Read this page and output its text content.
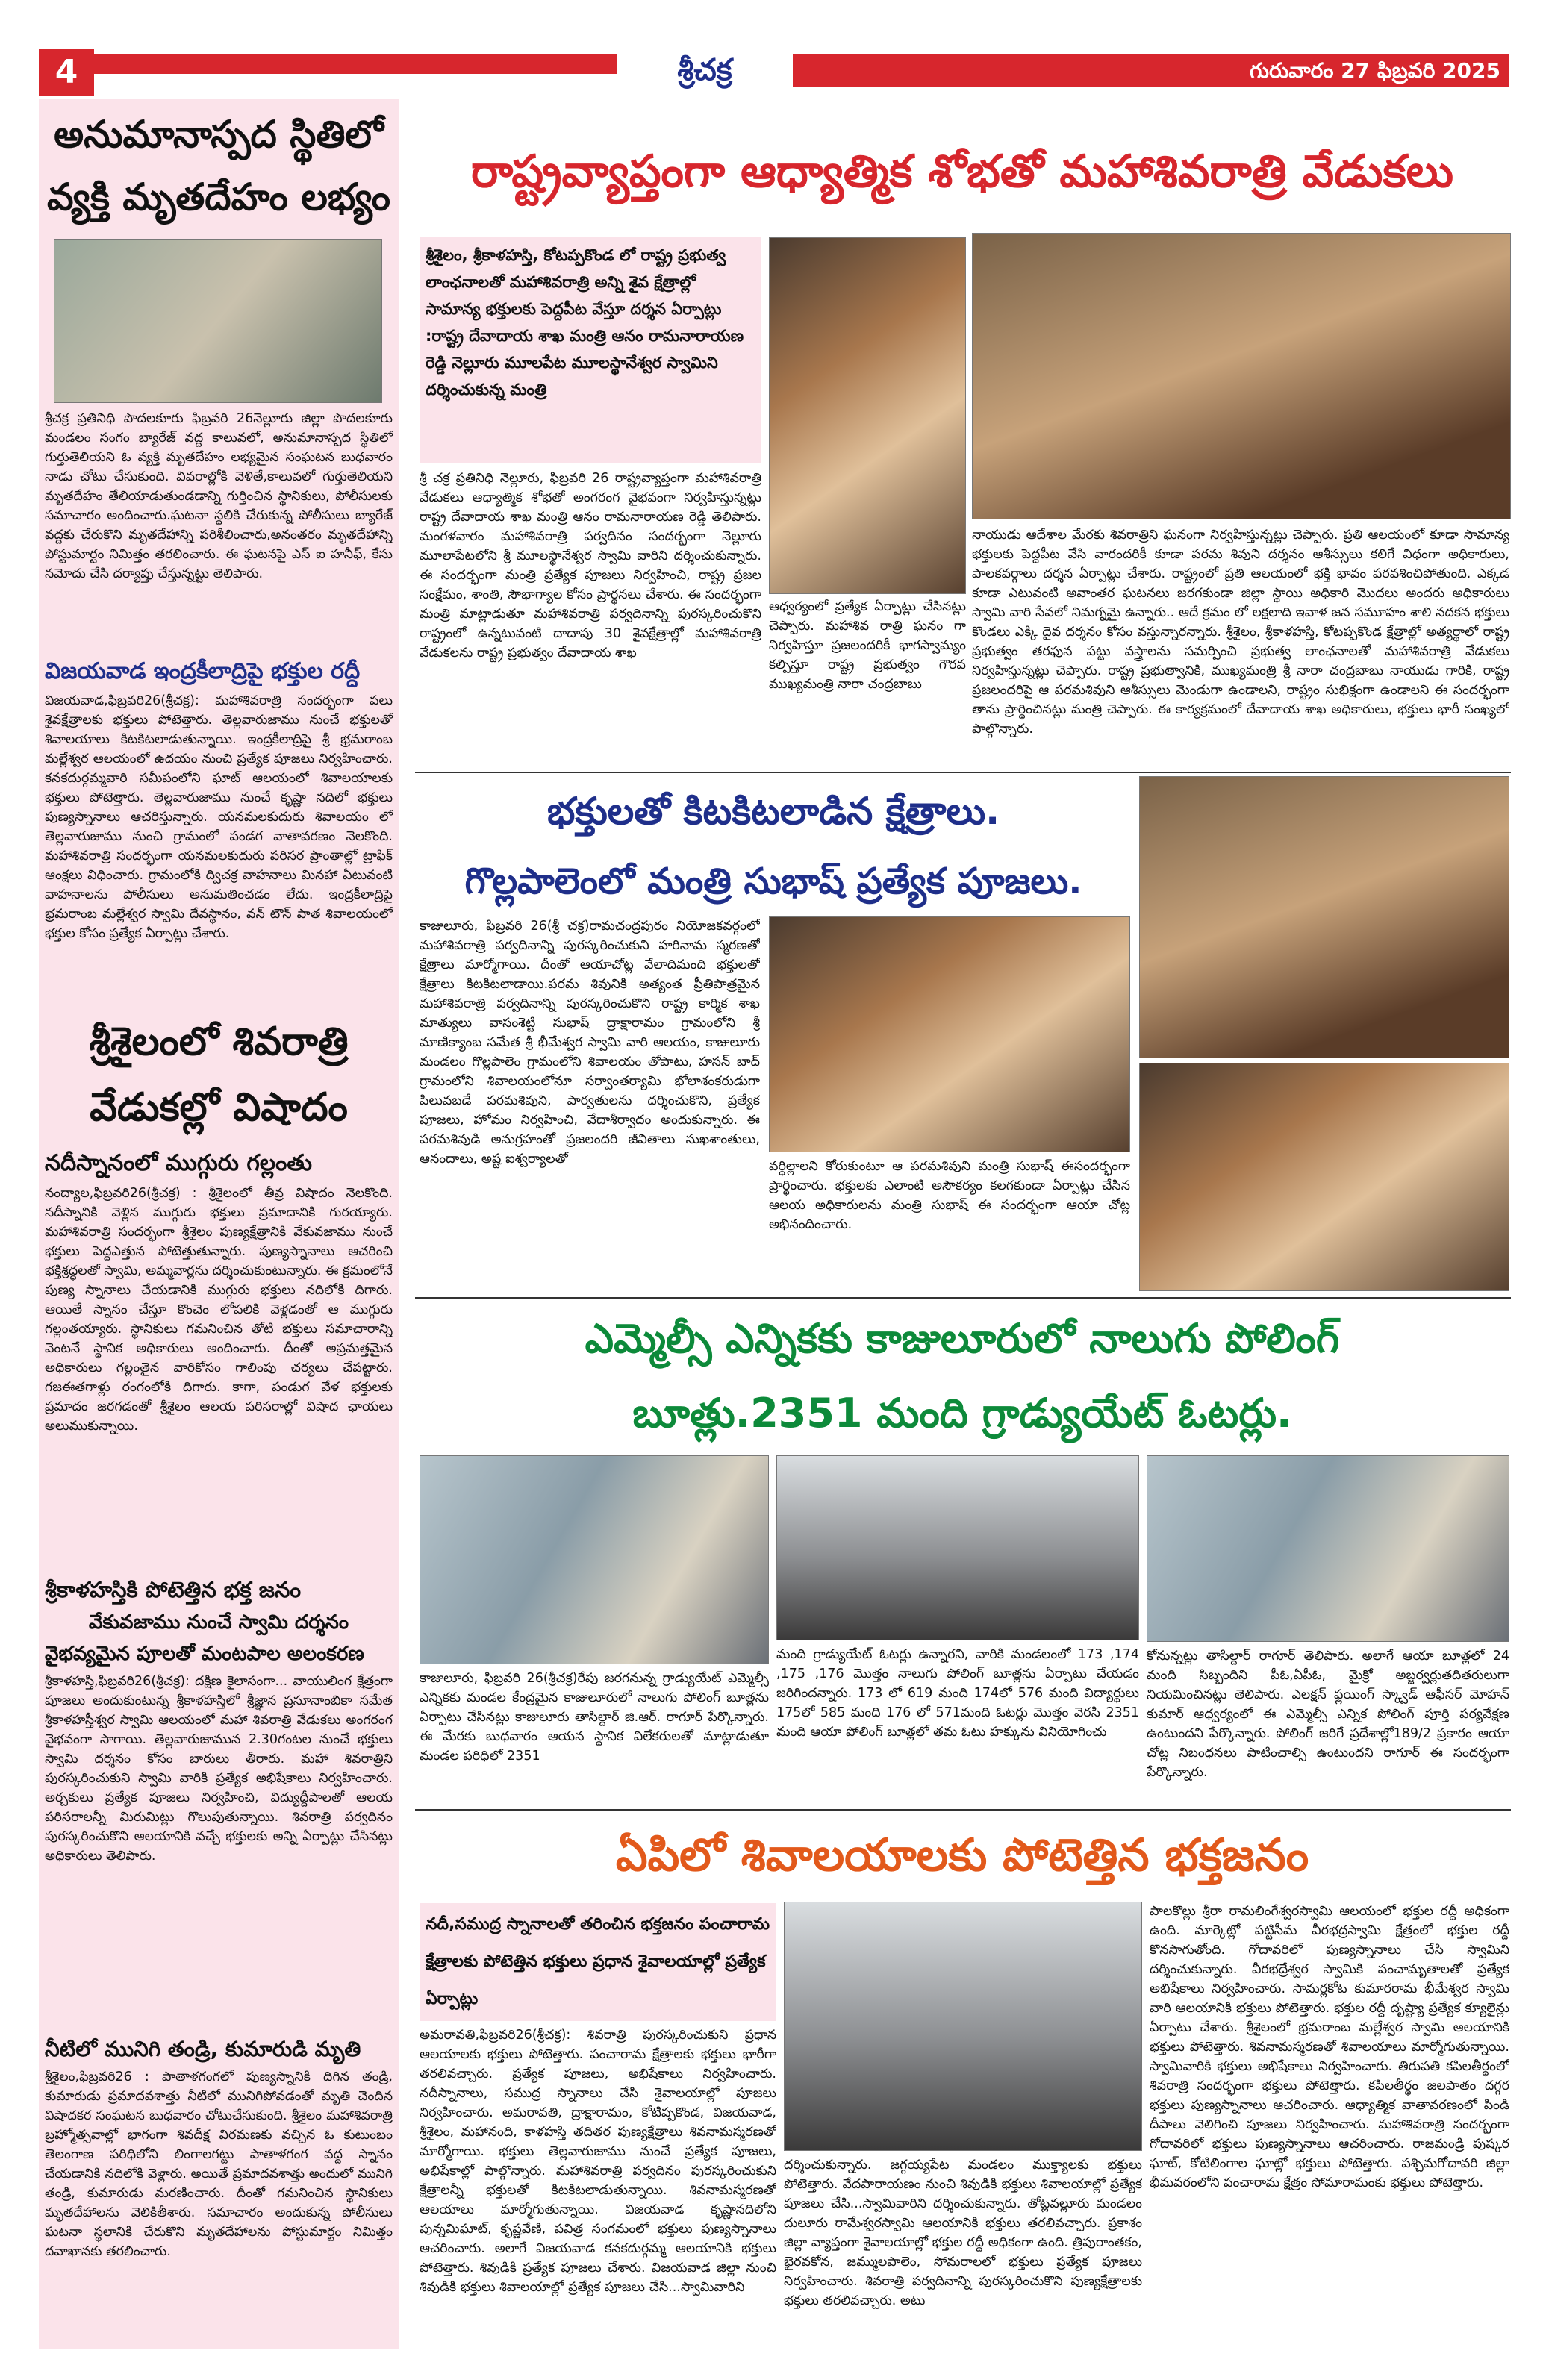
4	శ్రీచక్ర	గురువారం 27 ఫిబ్రవరి 2025
అనుమానాస్పద స్థితిలో వ్యక్తి మృతదేహం లభ్యం
శ్రీచక్ర ప్రతినిధి పొదలకూరు ఫిబ్రవరి 26నెల్లూరు జిల్లా పొదలకూరు మండలం సంగం బ్యారేజ్ వద్ద కాలువలో, అనుమానాస్పద స్థితిలో గుర్తుతెలియని ఓ వ్యక్తి మృతదేహం లభ్యమైన సంఘటన బుధవారం నాడు చోటు చేసుకుంది. వివరాల్లోకి వెళితే,కాలువలో గుర్తుతెలియని మృతదేహం తేలియాడుతుండడాన్ని గుర్తించిన స్థానికులు, పోలీసులకు సమాచారం అందించారు.ఘటనా స్థలికి చేరుకున్న పోలీసులు బ్యారేజ్ వద్దకు చేరుకొని మృతదేహాన్ని పరిశీలించారు,అనంతరం మృతదేహాన్ని పోస్టుమార్టం నిమిత్తం తరలించారు. ఈ ఘటనపై ఎస్ ఐ హనీఫ్, కేసు నమోదు చేసి దర్యాప్తు చేస్తున్నట్టు తెలిపారు.
విజయవాడ ఇంద్రకీలాద్రిపై భక్తుల రద్దీ
విజయవాడ,ఫిబ్రవరి26(శ్రీచక్ర): మహాశివరాత్రి సందర్భంగా పలు శైవక్షేత్రాలకు భక్తులు పోటెత్తారు. తెల్లవారుజాము నుంచే భక్తులతో శివాలయాలు కిటకిటలాడుతున్నాయి. ఇంద్రకీలాద్రిపై శ్రీ భ్రమరాంబ మల్లేశ్వర ఆలయంలో ఉదయం నుంచి ప్రత్యేక పూజలు నిర్వహించారు. కనకదుర్గమ్మవారి సమీపంలోని ఘాట్ ఆలయంలో శివాలయాలకు భక్తులు పోటెత్తారు. తెల్లవారుజాము నుంచే కృష్ణా నదిలో భక్తులు పుణ్యస్నానాలు ఆచరిస్తున్నారు. యనమలకుదురు శివాలయం లో తెల్లవారుజాము నుంచి గ్రామంలో పండగ వాతావరణం నెలకొంది. మహాశివరాత్రి సందర్భంగా యనమలకుదురు పరిసర ప్రాంతాల్లో ట్రాఫిక్ ఆంక్షలు విధించారు. గ్రామంలోకి ద్విచక్ర వాహనాలు మినహా ఏటువంటి వాహనాలను పోలీసులు అనుమతించడం లేదు. ఇంద్రకీలాద్రిపై భ్రమరాంబ మల్లేశ్వర స్వామి దేవస్థానం, వన్ టౌన్ పాత శివాలయంలో భక్తుల కోసం ప్రత్యేక ఏర్పాట్లు చేశారు.
శ్రీశైలంలో శివరాత్రి వేడుకల్లో విషాదం
నదీస్నానంలో ముగ్గురు గల్లంతు
నంద్యాల,ఫిబ్రవరి26(శ్రీచక్ర) : శ్రీశైలంలో తీవ్ర విషాదం నెలకొంది. నదీస్నానికి వెళ్లిన ముగ్గురు భక్తులు ప్రమాదానికి గురయ్యారు. మహాశివరాత్రి సందర్భంగా శ్రీశైలం పుణ్యక్షేత్రానికి వేకువజాము నుంచే భక్తులు పెద్దఎత్తున పోటెత్తుతున్నారు. పుణ్యస్నానాలు ఆచరించి భక్తిశ్రద్ధలతో స్వామి, అమ్మవార్లను దర్శించుకుంటున్నారు. ఈ క్రమంలోనే పుణ్య స్నానాలు చేయడానికి ముగ్గురు భక్తులు నదిలోకి దిగారు. ఆయితే స్నానం చేస్తూ కొంచెం లోపలికి వెళ్లడంతో ఆ ముగ్గురు గల్లంతయ్యారు. స్థానికులు గమనించిన తోటి భక్తులు సమాచారాన్ని వెంటనే స్థానిక అధికారులు అందించారు. దీంతో అప్రమత్తమైన అధికారులు గల్లంతైన వారికోసం గాలింపు చర్యలు చేపట్టారు. గజఈతగాళ్లు రంగంలోకి దిగారు. కాగా, పండుగ వేళ భక్తులకు ప్రమాదం జరగడంతో శ్రీశైలం ఆలయ పరిసరాల్లో విషాద ఛాయలు అలుముకున్నాయి.
శ్రీకాళహస్తికి పోటెత్తిన భక్త జనం
వేకువజాము నుంచే స్వామి దర్శనం
వైభవ్యమైన పూలతో మంటపాల అలంకరణ
శ్రీకాళహస్తి,ఫిబ్రవరి26(శ్రీచక్ర): దక్షిణ కైలాసంగా... వాయులింగ క్షేత్రంగా పూజలు అందుకుంటున్న శ్రీకాళహస్తిలో శ్రీజ్ఞాన ప్రసూనాంబికా సమేత శ్రీకాళహస్తీశ్వర స్వామి ఆలయంలో మహా శివరాత్రి వేడుకలు అంగరంగ వైభవంగా సాగాయి. తెల్లవారుజామున 2.30గంటల నుంచే భక్తులు స్వామి దర్శనం కోసం బారులు తీరారు. మహా శివరాత్రిని పురస్కరించుకుని స్వామి వారికి ప్రత్యేక అభిషేకాలు నిర్వహించారు. అర్చకులు ప్రత్యేక పూజలు నిర్వహించి, విద్యుద్దీపాలతో ఆలయ పరిసరాలన్నీ మిరుమిట్లు గొలుపుతున్నాయి. శివరాత్రి పర్వదినం పురస్కరించుకొని ఆలయానికి వచ్చే భక్తులకు అన్ని ఏర్పాట్లు చేసినట్లు అధికారులు తెలిపారు.
నీటిలో మునిగి తండ్రి, కుమారుడి మృతి
శ్రీశైలం,ఫిబ్రవరి26 : పాతాళగంగలో పుణ్యస్నానికి దిగిన తండ్రి, కుమారుడు ప్రమాదవశాత్తు నీటిలో మునిగిపోవడంతో మృతి చెందిన విషాదకర సంఘటన బుధవారం చోటుచేసుకుంది. శ్రీశైలం మహాశివరాత్రి బ్రహ్మోత్సవాల్లో భాగంగా శివదీక్ష విరమణకు వచ్చిన ఓ కుటుంబం తెలంగాణ పరిధిలోని లింగాలగట్టు పాతాళగంగ వద్ద స్నానం చేయడానికి నదిలోకి వెళ్లారు. అయితే ప్రమాదవశాత్తు అందులో మునిగి తండ్రి, కుమారుడు మరణించారు. దీంతో గమనించిన స్థానికులు మృతదేహాలను వెలికితీశారు. సమాచారం అందుకున్న పోలీసులు ఘటనా స్థలానికి చేరుకొని మృతదేహాలను పోస్టుమార్టం నిమిత్తం దవాఖానకు తరలించారు.
రాష్ట్రవ్యాప్తంగా ఆధ్యాత్మిక శోభతో మహాశివరాత్రి వేడుకలు
శ్రీశైలం, శ్రీకాళహస్తి, కోటప్పకొండ లో రాష్ట్ర ప్రభుత్వ లాంఛనాలతో మహాశివరాత్రి అన్ని శైవ క్షేత్రాల్లో సామాన్య భక్తులకు పెద్దపీట వేస్తూ దర్శన ఏర్పాట్లు :రాష్ట్ర దేవాదాయ శాఖ మంత్రి ఆనం రామనారాయణ రెడ్డి నెల్లూరు మూలపేట మూలస్థానేశ్వర స్వామిని దర్శించుకున్న మంత్రి
శ్రీ చక్ర ప్రతినిధి నెల్లూరు, ఫిబ్రవరి 26 రాష్ట్రవ్యాప్తంగా మహాశివరాత్రి వేడుకలు ఆధ్యాత్మిక శోభతో అంగరంగ వైభవంగా నిర్వహిస్తున్నట్లు రాష్ట్ర దేవాదాయ శాఖ మంత్రి ఆనం రామనారాయణ రెడ్డి తెలిపారు. మంగళవారం మహాశివరాత్రి పర్వదినం సందర్భంగా నెల్లూరు మూలాపేటలోని శ్రీ మూలస్థానేశ్వర స్వామి వారిని దర్శించుకున్నారు. ఈ సందర్భంగా మంత్రి ప్రత్యేక పూజలు నిర్వహించి, రాష్ట్ర ప్రజల సంక్షేమం, శాంతి, సౌభాగ్యాల కోసం ప్రార్థనలు చేశారు. ఈ సందర్భంగా మంత్రి మాట్లాడుతూ మహాశివరాత్రి పర్వదినాన్ని పురస్కరించుకొని రాష్ట్రంలో ఉన్నటువంటి దాదాపు 30 శైవక్షేత్రాల్లో మహాశివరాత్రి వేడుకలను రాష్ట్ర ప్రభుత్వం దేవాదాయ శాఖ
ఆధ్వర్యంలో ప్రత్యేక ఏర్పాట్లు చేసినట్లు చెప్పారు. మహాశివ రాత్రి ఘనం గా నిర్వహిస్తూ ప్రజలందరికీ భాగస్వామ్యం కల్పిస్తూ రాష్ట్ర ప్రభుత్వం గౌరవ ముఖ్యమంత్రి నారా చంద్రబాబు
నాయుడు ఆదేశాల మేరకు శివరాత్రిని ఘనంగా నిర్వహిస్తున్నట్లు చెప్పారు. ప్రతి ఆలయంలో కూడా సామాన్య భక్తులకు పెద్దపీట వేసి వారందరికీ కూడా పరమ శివుని దర్శనం ఆశీస్సులు కలిగే విధంగా అధికారులు, పాలకవర్గాలు దర్శన ఏర్పాట్లు చేశారు. రాష్ట్రంలో ప్రతి ఆలయంలో భక్తి భావం పరవశించిపోతుంది. ఎక్కడ కూడా ఎటువంటి అవాంతర ఘటనలు జరగకుండా జిల్లా స్థాయి అధికారి మొదలు అందరు అధికారులు స్వామి వారి సేవలో నిమగ్నమై ఉన్నారు.. ఆదే క్రమం లో లక్షలాది ఇవాళ జన సమూహం శాలి నదకన భక్తులు కొండలు ఎక్కి దైవ దర్శనం కోసం వస్తున్నారన్నారు. శ్రీశైలం, శ్రీకాళహస్తి, కోటప్పకొండ క్షేత్రాల్లో అత్యర్థాలో రాష్ట్ర ప్రభుత్వం తరఫున పట్టు వస్త్రాలను సమర్పించి ప్రభుత్వ లాంఛనాలతో మహాశివరాత్రి వేడుకలు నిర్వహిస్తున్నట్లు చెప్పారు. రాష్ట్ర ప్రభుత్వానికి, ముఖ్యమంత్రి శ్రీ నారా చంద్రబాబు నాయుడు గారికి, రాష్ట్ర ప్రజలందరిపై ఆ పరమశివుని ఆశీస్సులు మెండుగా ఉండాలని, రాష్ట్రం సుభిక్షంగా ఉండాలని ఈ సందర్భంగా తాను ప్రార్థించినట్లు మంత్రి చెప్పారు. ఈ కార్యక్రమంలో దేవాదాయ శాఖ అధికారులు, భక్తులు భారీ సంఖ్యలో పాల్గొన్నారు.
భక్తులతో కిటకిటలాడిన క్షేత్రాలు.
గొల్లపాలెంలో మంత్రి సుభాష్ ప్రత్యేక పూజలు.
కాజులూరు, ఫిబ్రవరి 26(శ్రీ చక్ర)రామచంద్రపురం నియోజకవర్గంలో మహాశివరాత్రి పర్వదినాన్ని పురస్కరించుకుని హరినామ స్మరణతో క్షేత్రాలు మార్మోగాయి. దీంతో ఆయాచోట్ల వేలాదిమంది భక్తులతో క్షేత్రాలు కిటకిటలాడాయి.పరమ శివునికి అత్యంత ప్రీతిపాత్రమైన మహాశివరాత్రి పర్వదినాన్ని పురస్కరించుకొని రాష్ట్ర కార్మిక శాఖ మాత్యులు వాసంశెట్టి సుభాష్ ద్రాక్షారామం గ్రామంలోని శ్రీ మాణిక్యాంబ సమేత శ్రీ భీమేశ్వర స్వామి వారి ఆలయం, కాజులూరు మండలం గొల్లపాలెం గ్రామంలోని శివాలయం తోపాటు, హసన్ బాద్ గ్రామంలోని శివాలయంలోనూ సర్వాంతర్యామి భోలాశంకరుడుగా పిలువబడే పరమశివుని, పార్వతులను దర్శించుకొని, ప్రత్యేక పూజలు, హోమం నిర్వహించి, వేదాశీర్వాదం అందుకున్నారు. ఈ పరమశివుడి అనుగ్రహంతో ప్రజలందరి జీవితాలు సుఖశాంతులు, ఆనందాలు, అష్ట ఐశ్వర్యాలతో	వర్ధిల్లాలని కోరుకుంటూ ఆ పరమశివుని మంత్రి సుభాష్ ఈసందర్భంగా ప్రార్థించారు. భక్తులకు ఎలాంటి అసౌకర్యం కలగకుండా ఏర్పాట్లు చేసిన ఆలయ అధికారులను మంత్రి సుభాష్ ఈ సందర్భంగా ఆయా చోట్ల అభినందించారు.
ఎమ్మెల్సీ ఎన్నికకు కాజులూరులో నాలుగు పోలింగ్
బూత్లు.2351 మంది గ్రాడ్యుయేట్ ఓటర్లు.
కాజులూరు, ఫిబ్రవరి 26(శ్రీచక్ర)రేపు జరగనున్న గ్రాడ్యుయేట్ ఎమ్మెల్సీ ఎన్నికకు మండల కేంద్రమైన కాజులూరులో నాలుగు పోలింగ్ బూత్లను ఏర్పాటు చేసినట్లు కాజులూరు తాసిల్దార్ జి.ఆర్. రాగూర్ పేర్కొన్నారు. ఈ మేరకు బుధవారం ఆయన స్థానిక విలేకరులతో మాట్లాడుతూ మండల పరిధిలో 2351
మంది గ్రాడ్యుయేట్ ఓటర్లు ఉన్నారని, వారికి మండలంలో 173 ,174 ,175 ,176 మొత్తం నాలుగు పోలింగ్ బూత్లను ఏర్పాటు చేయడం జరిగిందన్నారు. 173 లో 619 మంది 174లో 576 మంది విద్యార్థులు 175లో 585 మంది 176 లో 571మంది ఓటర్లు మొత్తం వెరసి 2351 మంది ఆయా పోలింగ్ బూత్లలో తమ ఓటు హక్కును వినియోగించు
కోనున్నట్లు తాసిల్దార్ రాగూర్ తెలిపారు. అలాగే ఆయా బూత్లలో 24 మంది సిబ్బందిని పీఓ,ఏపీఓ, మైక్రో అబ్జర్వర్లుతదితరులుగా నియమించినట్లు తెలిపారు. ఎలక్షన్ ఫ్లయింగ్ స్క్వాడ్ ఆఫీసర్ మోహన్ కుమార్ ఆధ్వర్యంలో ఈ ఎమ్మెల్సీ ఎన్నిక పోలింగ్ పూర్తి పర్యవేక్షణ ఉంటుందని పేర్కొన్నారు. పోలింగ్ జరిగే ప్రదేశాల్లో189/2 ప్రకారం ఆయా చోట్ల నిబంధనలు పాటించాల్సి ఉంటుందని రాగూర్ ఈ సందర్భంగా పేర్కొన్నారు.
ఏపిలో శివాలయాలకు పోటెత్తిన భక్తజనం
నదీ,సముద్ర స్నానాలతో తరించిన భక్తజనం పంచారామ క్షేత్రాలకు పోటెత్తిన భక్తులు ప్రధాన శైవాలయాల్లో ప్రత్యేక ఏర్పాట్లు
అమరావతి,ఫిబ్రవరి26(శ్రీచక్ర): శివరాత్రి పురస్కరించుకుని ప్రధాన ఆలయాలకు భక్తులు పోటెత్తారు. పంచారామ క్షేత్రాలకు భక్తులు భారీగా తరలివచ్చారు. ప్రత్యేక పూజలు, అభిషేకాలు నిర్వహించారు. నదీస్నానాలు, సముద్ర స్నానాలు చేసి శైవాలయాల్లో పూజలు నిర్వహించారు. అమరావతి, ద్రాక్షారామం, కోటిప్పకొండ, విజయవాడ, శ్రీశైలం, మహానంది, కాళహస్తి తదితర పుణ్యక్షేత్రాలు శివనామస్మరణతో మార్మోగాయి. భక్తులు తెల్లవారుజాము నుంచే ప్రత్యేక పూజలు, అభిషేకాల్లో పాల్గొన్నారు. మహాశివరాత్రి పర్వదినం పురస్కరించుకుని క్షేత్రాలన్నీ భక్తులతో కిటకిటలాడుతున్నాయి. శివనామస్మరణతో ఆలయాలు మార్మోగుతున్నాయి. విజయవాడ కృష్ణానదిలోని పున్నమిఘాట్, కృష్ణవేణి, పవిత్ర సంగమంలో భక్తులు పుణ్యస్నానాలు ఆచరించారు. అలాగే విజయవాడ కనకదుర్గమ్మ ఆలయానికి భక్తులు పోటెత్తారు. శివుడికి ప్రత్యేక పూజలు చేశారు. విజయవాడ జిల్లా నుంచి శివుడికి భక్తులు శివాలయాల్లో ప్రత్యేక పూజలు చేసి...స్వామివారిని
దర్శించుకున్నారు. జగ్గయ్యపేట మండలం ముక్త్యాలకు భక్తులు పోటెత్తారు. వేదపారాయణం నుంచి శివుడికి భక్తులు శివాలయాల్లో ప్రత్యేక పూజలు చేసి...స్వామివారిని దర్శించుకున్నారు. తోట్లవల్లూరు మండలం దులూరు రామేశ్వరస్వామి ఆలయానికి భక్తులు తరలివచ్చారు. ప్రకాశం జిల్లా వ్యాప్తంగా శైవాలయాల్లో భక్తుల రద్దీ అధికంగా ఉంది. త్రిపురాంతకం, భైరవకోన, జమ్ములపాలెం, సోమరాలలో భక్తులు ప్రత్యేక పూజలు నిర్వహించారు. శివరాత్రి పర్వదినాన్ని పురస్కరించుకొని పుణ్యక్షేత్రాలకు భక్తులు తరలివచ్చారు. అటు
పాలకొల్లు శ్రీరా రామలింగేశ్వరస్వామి ఆలయంలో భక్తుల రద్దీ అధికంగా ఉంది. మార్కెట్లో పట్టిసీమ వీరభద్రస్వామి క్షేత్రంలో భక్తుల రద్దీ కొనసాగుతోంది. గోదావరిలో పుణ్యస్నానాలు చేసి స్వామిని దర్శించుకున్నారు. వీరభద్రేశ్వర స్వామికి పంచామృతాలతో ప్రత్యేక అభిషేకాలు నిర్వహించారు. సామర్లకోట కుమారరామ భీమేశ్వర స్వామి వారి ఆలయానికి భక్తులు పోటెత్తారు. భక్తుల రద్దీ దృష్ట్యా ప్రత్యేక క్యూలైన్లు ఏర్పాటు చేశారు. శ్రీశైలంలో భ్రమరాంబ మల్లేశ్వర స్వామి ఆలయానికి భక్తులు పోటెత్తారు. శివనామస్మరణతో శివాలయాలు మార్మోగుతున్నాయి. స్వామివారికి భక్తులు అభిషేకాలు నిర్వహించారు. తిరుపతి కపిలతీర్థంలో శివరాత్రి సందర్భంగా భక్తులు పోటెత్తారు. కపిలతీర్థం జలపాతం దగ్గర భక్తులు పుణ్యస్నానాలు ఆచరించారు. ఆధ్యాత్మిక వాతావరణంలో పిండి దీపాలు వెలిగించి పూజలు నిర్వహించారు. మహాశివరాత్రి సందర్భంగా గోదావరిలో భక్తులు పుణ్యస్నానాలు ఆచరించారు. రాజమండ్రి పుష్కర ఘాట్, కోటిలింగాల ఘాట్లో భక్తులు పోటెత్తారు. పశ్చిమగోదావరి జిల్లా భీమవరంలోని పంచారామ క్షేత్రం సోమారామంకు భక్తులు పోటెత్తారు.
